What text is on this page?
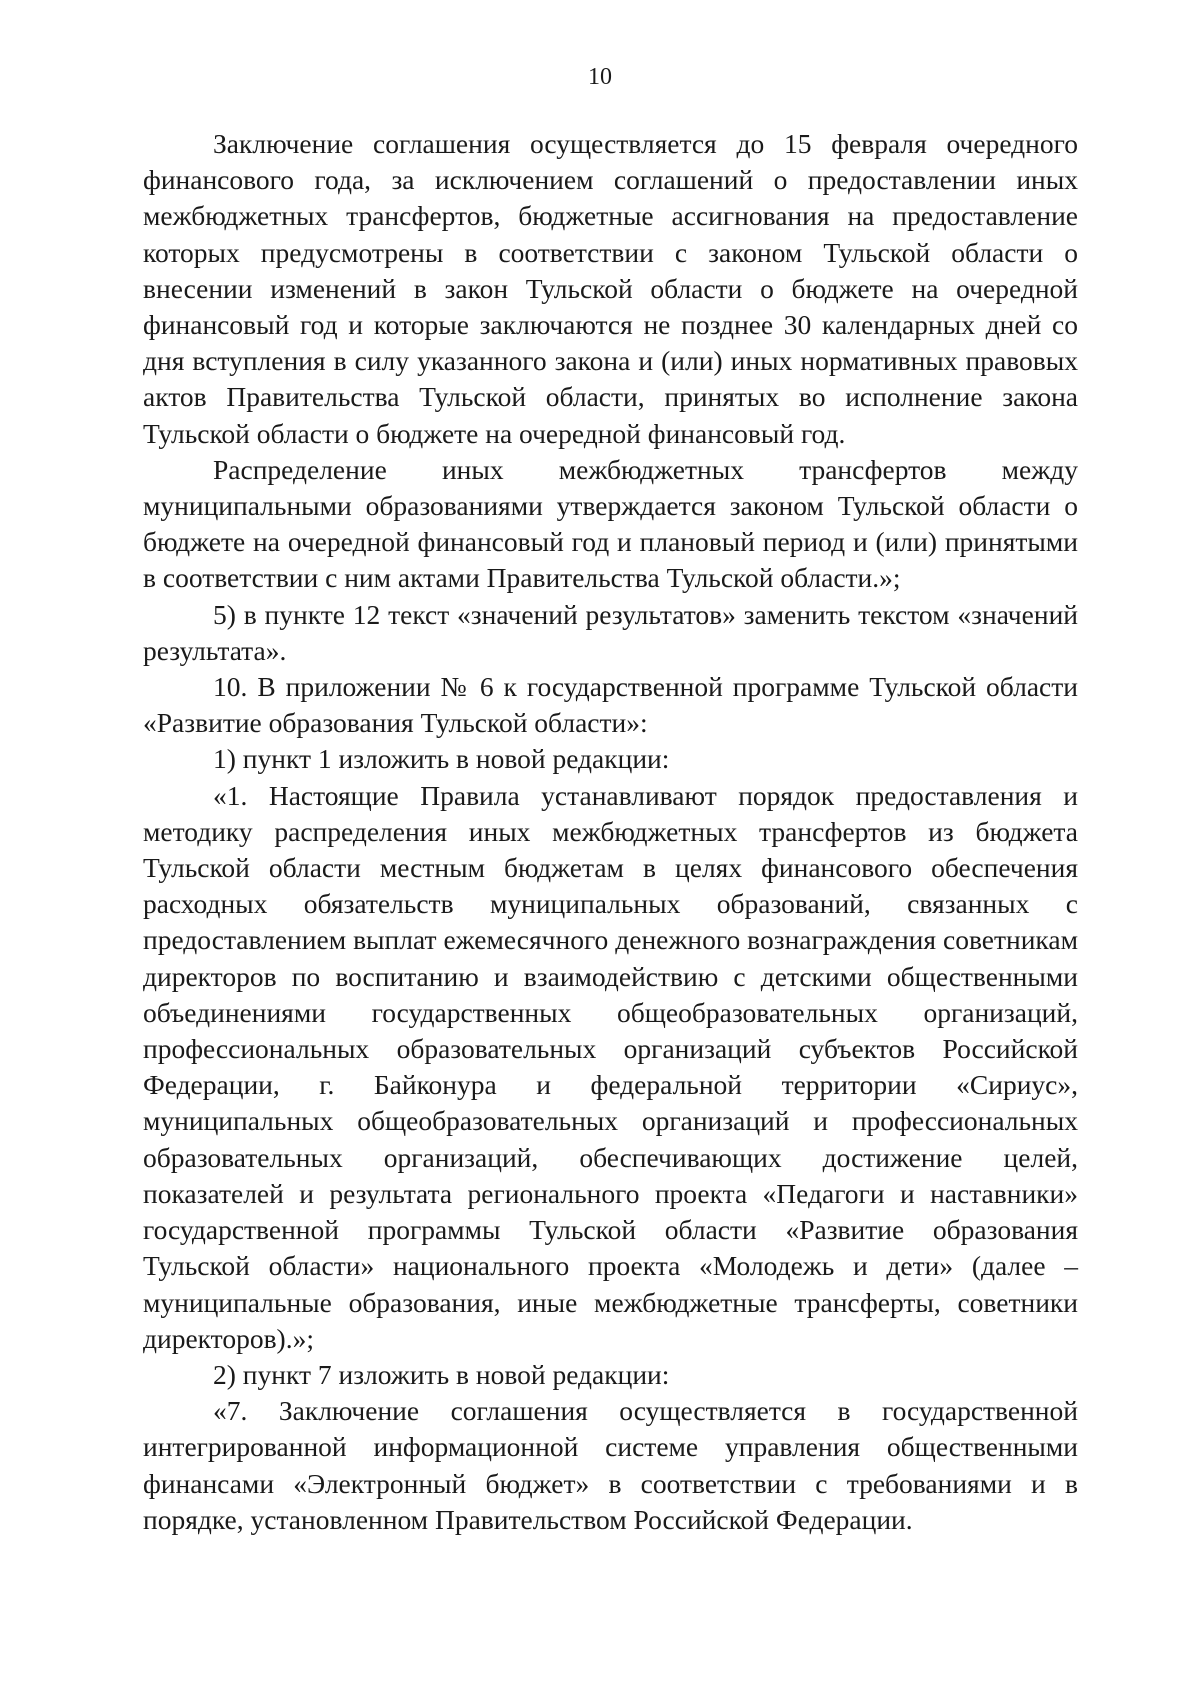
10

Заключение соглашения осуществляется до 15 февраля очередного финансового года, за исключением соглашений о предоставлении иных межбюджетных трансфертов, бюджетные ассигнования на предоставление которых предусмотрены в соответствии с законом Тульской области о внесении изменений в закон Тульской области о бюджете на очередной финансовый год и которые заключаются не позднее 30 календарных дней со дня вступления в силу указанного закона и (или) иных нормативных правовых актов Правительства Тульской области, принятых во исполнение закона Тульской области о бюджете на очередной финансовый год.

Распределение иных межбюджетных трансфертов между муниципальными образованиями утверждается законом Тульской области о бюджете на очередной финансовый год и плановый период и (или) принятыми в соответствии с ним актами Правительства Тульской области.»;

5) в пункте 12 текст «значений результатов» заменить текстом «значений результата».

10. В приложении № 6 к государственной программе Тульской области «Развитие образования Тульской области»:

1) пункт 1 изложить в новой редакции:

«1. Настоящие Правила устанавливают порядок предоставления и методику распределения иных межбюджетных трансфертов из бюджета Тульской области местным бюджетам в целях финансового обеспечения расходных обязательств муниципальных образований, связанных с предоставлением выплат ежемесячного денежного вознаграждения советникам директоров по воспитанию и взаимодействию с детскими общественными объединениями государственных общеобразовательных организаций, профессиональных образовательных организаций субъектов Российской Федерации, г. Байконура и федеральной территории «Сириус», муниципальных общеобразовательных организаций и профессиональных образовательных организаций, обеспечивающих достижение целей, показателей и результата регионального проекта «Педагоги и наставники» государственной программы Тульской области «Развитие образования Тульской области» национального проекта «Молодежь и дети» (далее – муниципальные образования, иные межбюджетные трансферты, советники директоров).»;

2) пункт 7 изложить в новой редакции:

«7. Заключение соглашения осуществляется в государственной интегрированной информационной системе управления общественными финансами «Электронный бюджет» в соответствии с требованиями и в порядке, установленном Правительством Российской Федерации.
